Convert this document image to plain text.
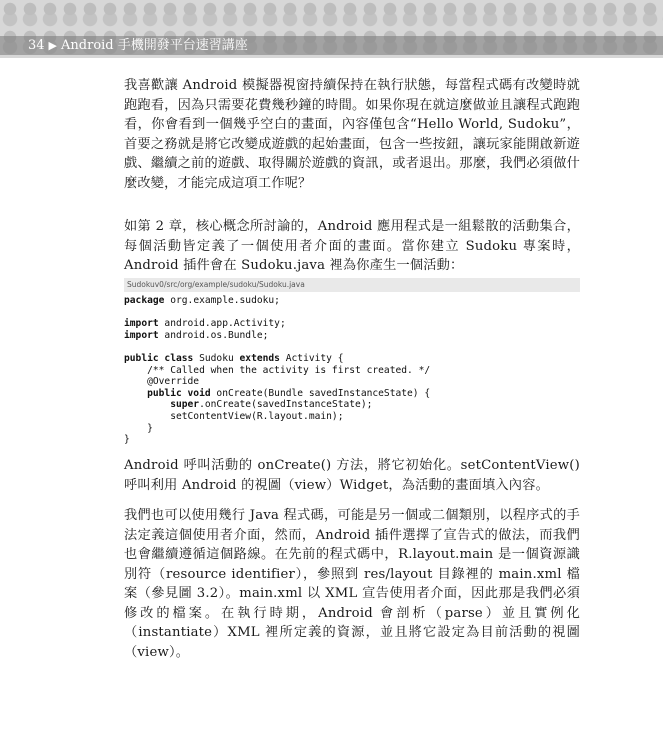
34 ▶ Android 手機開發平台速習講座

我喜歡讓 Android 模擬器視窗持續保持在執行狀態，每當程式碼有改變時就跑跑看，因為只需要花費幾秒鐘的時間。如果你現在就這麼做並且讓程式跑跑看，你會看到一個幾乎空白的畫面，內容僅包含“Hello World, Sudoku”，首要之務就是將它改變成遊戲的起始畫面，包含一些按鈕，讓玩家能開啟新遊戲、繼續之前的遊戲、取得關於遊戲的資訊，或者退出。那麼，我們必須做什麼改變，才能完成這項工作呢？

如第 2 章，核心概念所討論的，Android 應用程式是一組鬆散的活動集合，每個活動皆定義了一個使用者介面的畫面。當你建立 Sudoku 專案時，Android 插件會在 Sudoku.java 裡為你產生一個活動：

Sudokuv0/src/org/example/sudoku/Sudoku.java
package org.example.sudoku;
import android.app.Activity;
import android.os.Bundle;
public class Sudoku extends Activity {
/** Called when the activity is first created. */
@Override
public void onCreate(Bundle savedInstanceState) {
super.onCreate(savedInstanceState);
setContentView(R.layout.main);
}
}

Android 呼叫活動的 onCreate() 方法，將它初始化。setContentView() 呼叫利用 Android 的視圖（view）Widget，為活動的畫面填入內容。

我們也可以使用幾行 Java 程式碼，可能是另一個或二個類別，以程序式的手法定義這個使用者介面，然而，Android 插件選擇了宣告式的做法，而我們也會繼續遵循這個路線。在先前的程式碼中，R.layout.main 是一個資源識別符（resource identifier），參照到 res/layout 目錄裡的 main.xml 檔案（參見圖 3.2）。main.xml 以 XML 宣告使用者介面，因此那是我們必須修改的檔案。在執行時期，Android 會剖析（parse）並且實例化（instantiate）XML 裡所定義的資源，並且將它設定為目前活動的視圖（view）。
